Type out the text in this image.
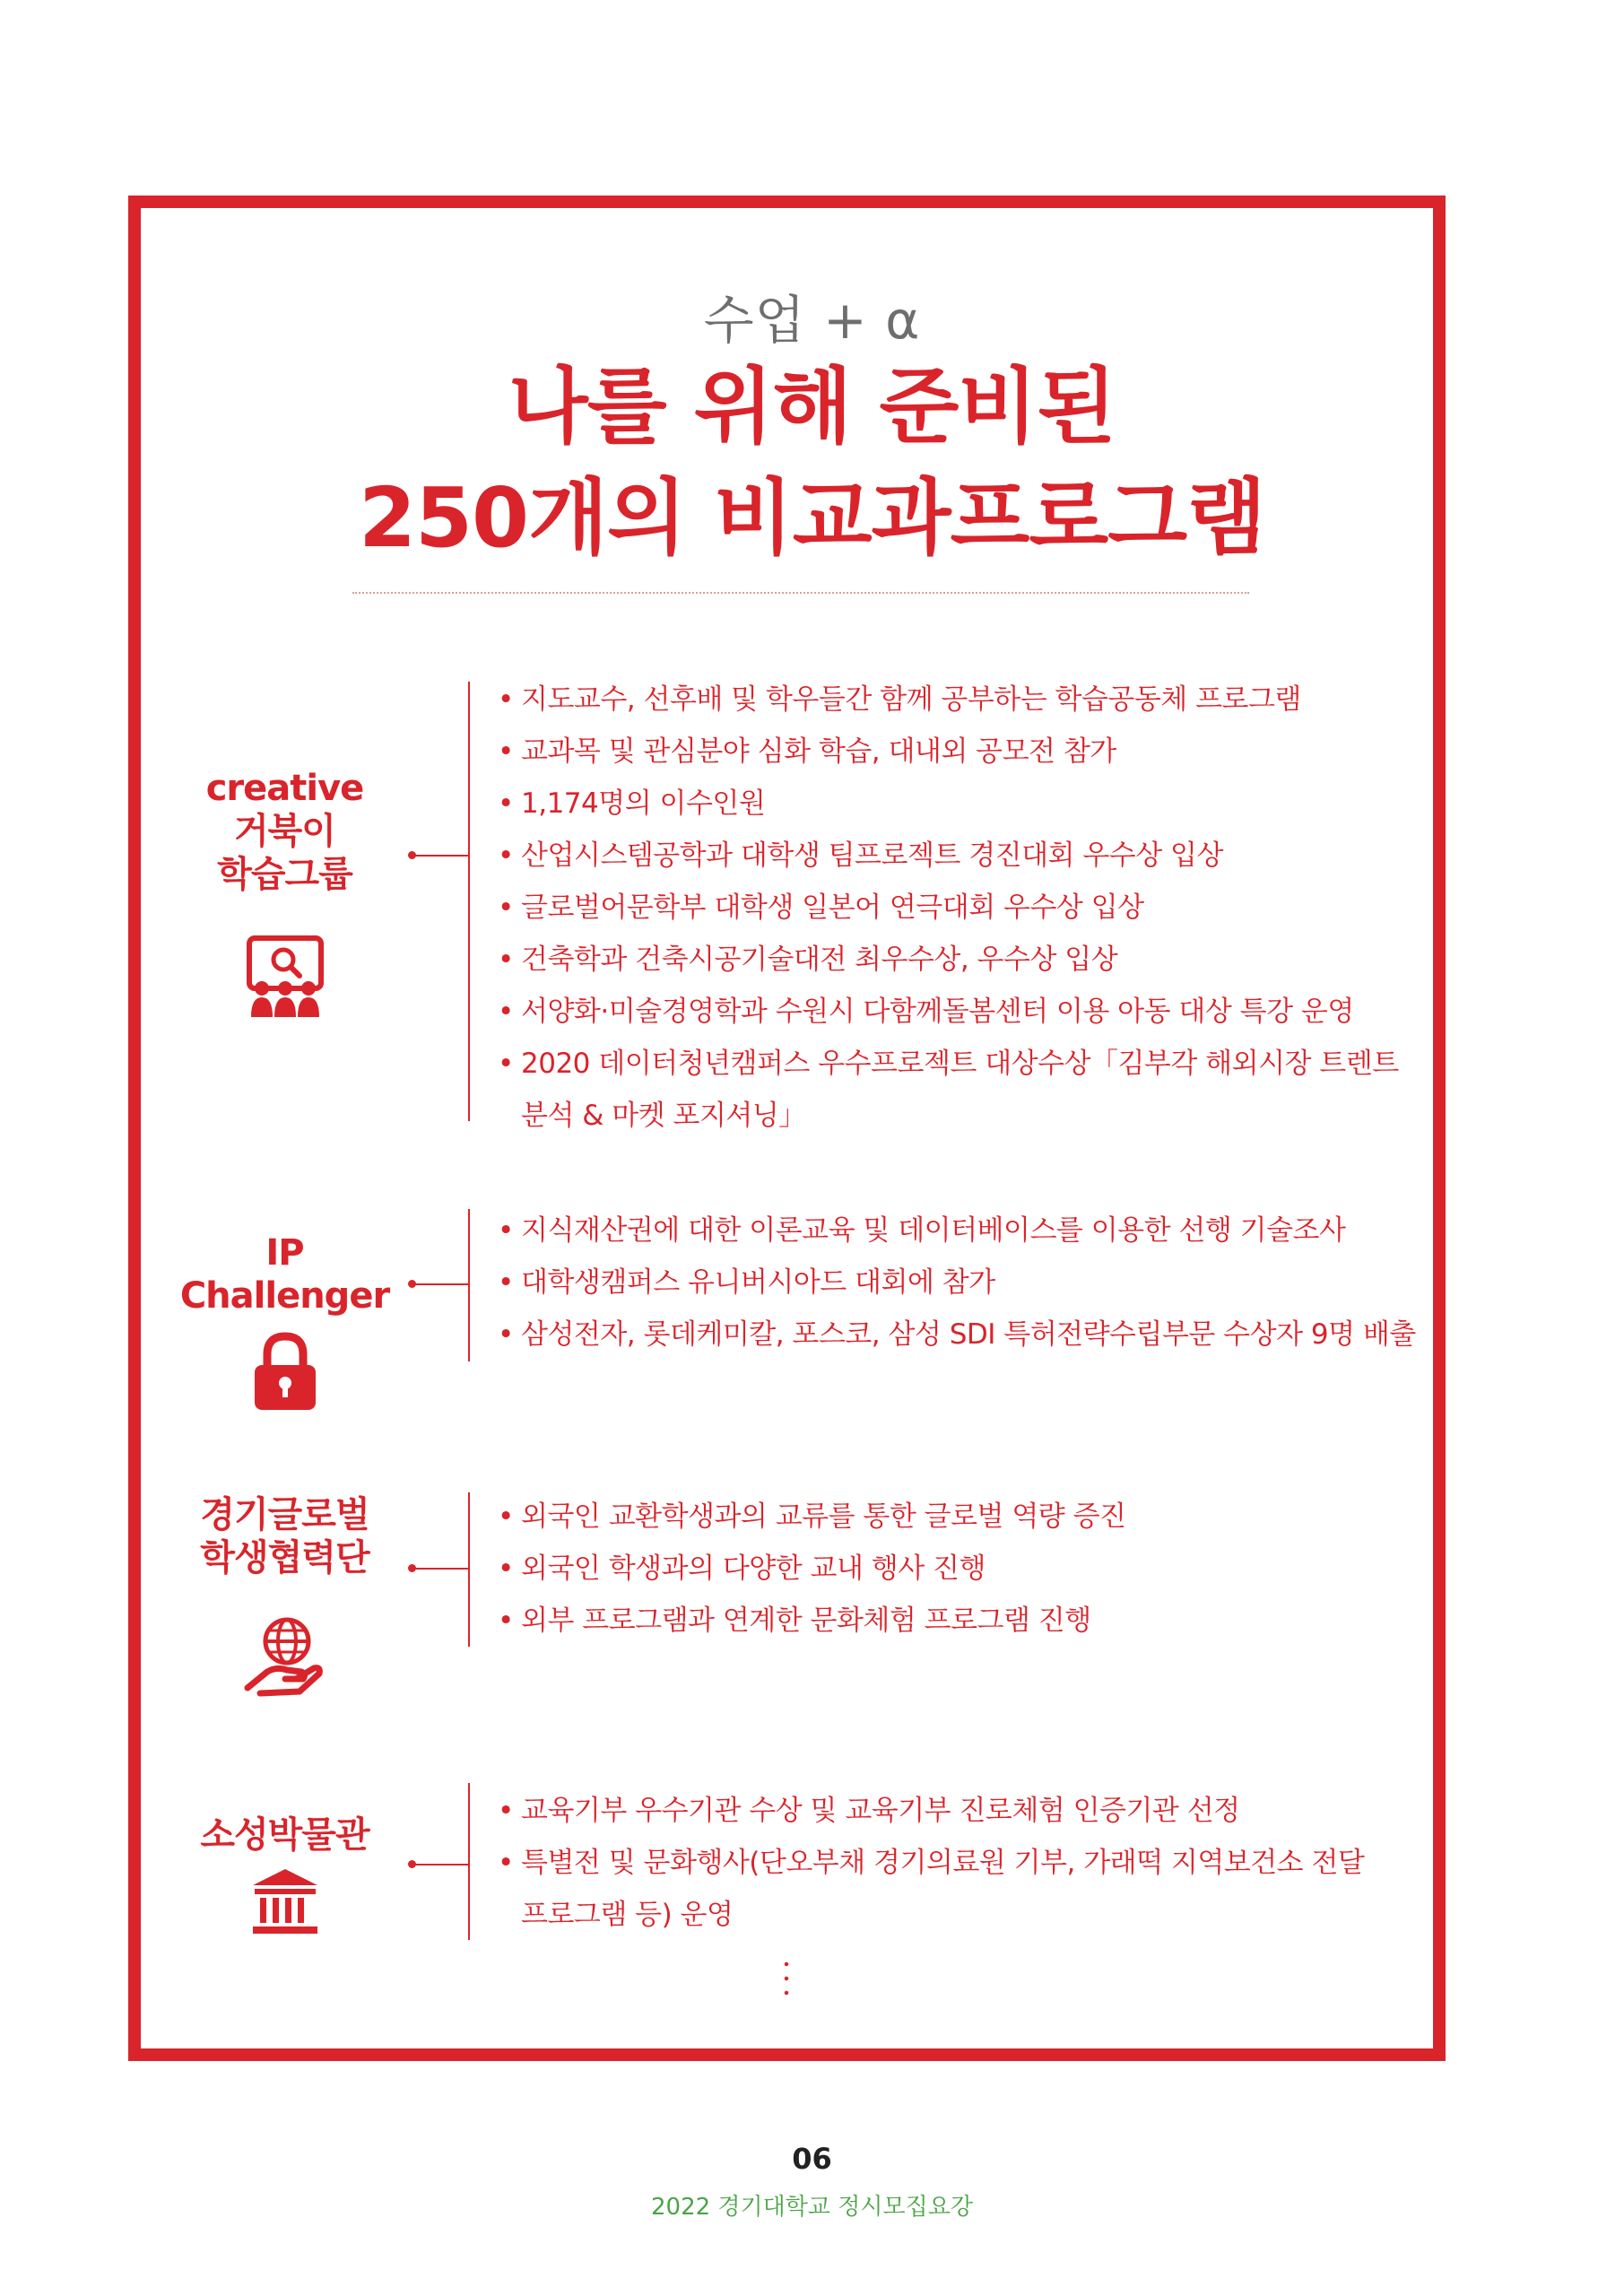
수업 + α
나를 위해 준비된
250개의 비교과프로그램
creative
거북이
학습그룹
• 지도교수, 선후배 및 학우들간 함께 공부하는 학습공동체 프로그램
• 교과목 및 관심분야 심화 학습, 대내외 공모전 참가
• 1,174명의 이수인원
• 산업시스템공학과 대학생 팀프로젝트 경진대회 우수상 입상
• 글로벌어문학부 대학생 일본어 연극대회 우수상 입상
• 건축학과 건축시공기술대전 최우수상, 우수상 입상
• 서양화·미술경영학과 수원시 다함께돌봄센터 이용 아동 대상 특강 운영
• 2020 데이터청년캠퍼스 우수프로젝트 대상수상「김부각 해외시장 트렌트
분석 & 마켓 포지셔닝」
IP
Challenger
• 지식재산권에 대한 이론교육 및 데이터베이스를 이용한 선행 기술조사
• 대학생캠퍼스 유니버시아드 대회에 참가
• 삼성전자, 롯데케미칼, 포스코, 삼성 SDI 특허전략수립부문 수상자 9명 배출
경기글로벌
학생협력단
• 외국인 교환학생과의 교류를 통한 글로벌 역량 증진
• 외국인 학생과의 다양한 교내 행사 진행
• 외부 프로그램과 연계한 문화체험 프로그램 진행
소성박물관
• 교육기부 우수기관 수상 및 교육기부 진로체험 인증기관 선정
• 특별전 및 문화행사(단오부채 경기의료원 기부, 가래떡 지역보건소 전달
프로그램 등) 운영
06
2022 경기대학교 정시모집요강
